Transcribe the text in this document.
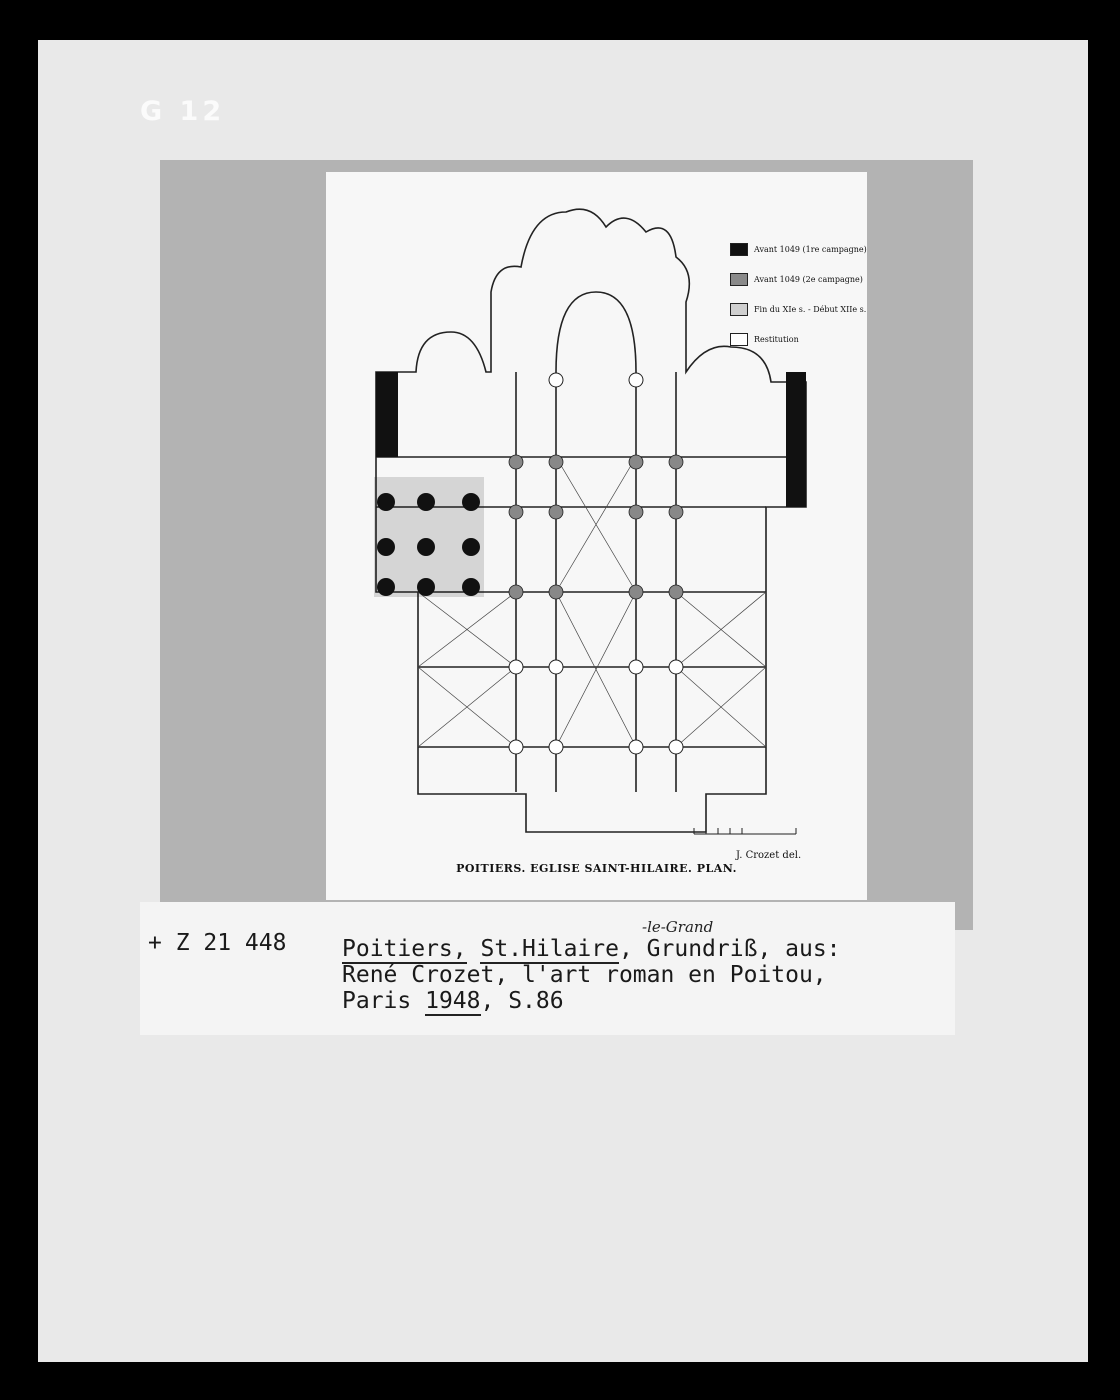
G 12
Avant 1049 (1re campagne)
Avant 1049 (2e campagne)
Fin du XIe s. - Début XIIe s.
Restitution
J. Crozet del.
POITIERS. EGLISE SAINT-HILAIRE. PLAN.
+ Z 21 448
-le-Grand
Poitiers, St.Hilaire, Grundriß, aus:
René Crozet, l'art roman en Poitou,
Paris 1948, S.86
